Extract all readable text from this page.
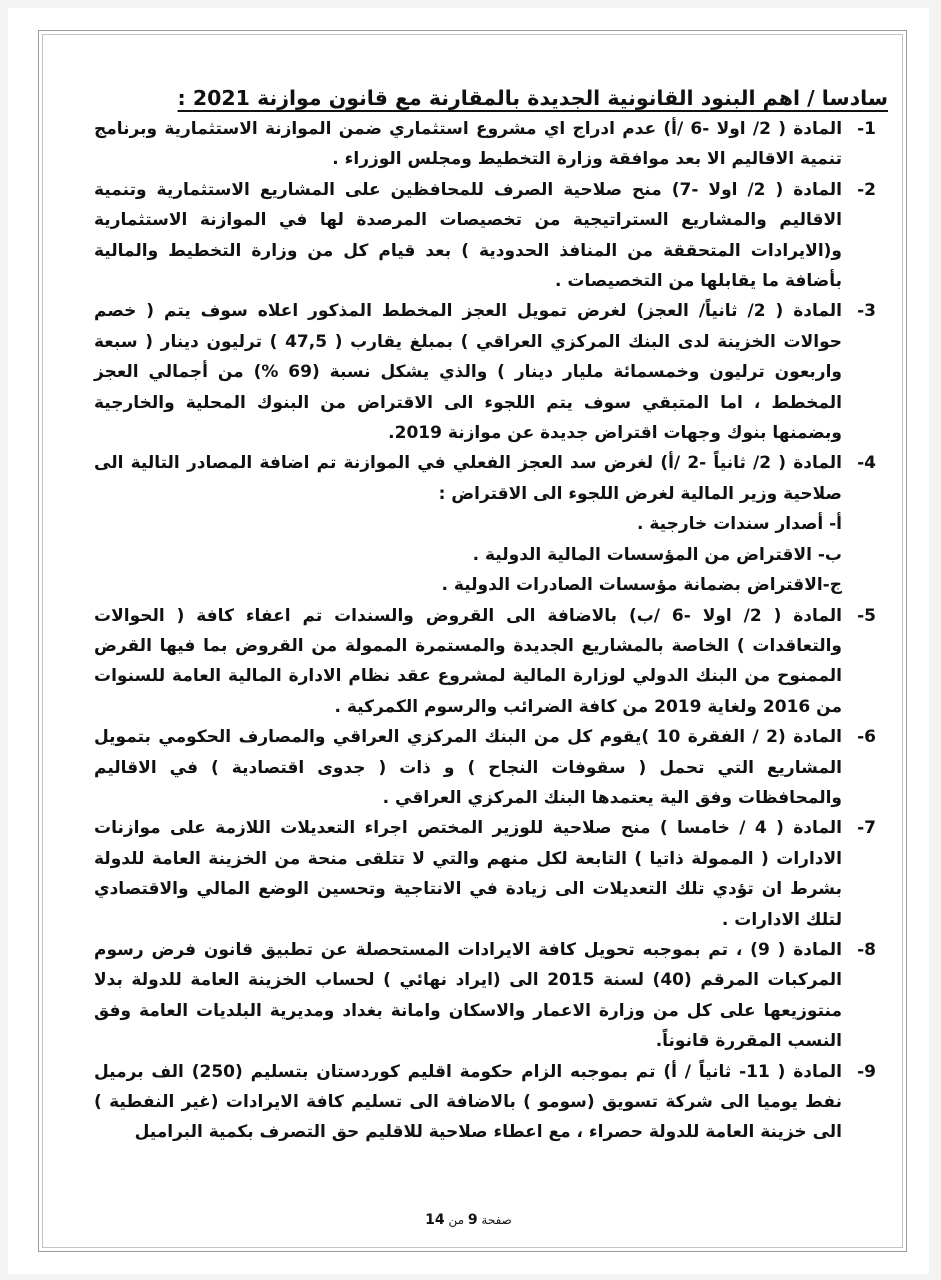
سادسا / اهم البنود القانونية الجديدة بالمقارنة مع قانون موازنة 2021 :
-1
المادة ( 2/ اولا -6 /أ) عدم ادراج اي مشروع استثماري ضمن الموازنة الاستثمارية وبرنامج تنمية الاقاليم الا بعد موافقة وزارة التخطيط ومجلس الوزراء .
-2
المادة ( 2/ اولا -7) منح صلاحية الصرف للمحافظين على المشاريع الاستثمارية وتنمية الاقاليم والمشاريع الستراتيجية من تخصيصات المرصدة لها في الموازنة الاستثمارية و(الايرادات المتحققة من المنافذ الحدودية ) بعد قيام كل من وزارة التخطيط والمالية بأضافة ما يقابلها من التخصيصات .
-3
المادة ( 2/ ثانياً/ العجز) لغرض تمويل العجز المخطط المذكور اعلاه سوف يتم ( خصم حوالات الخزينة لدى البنك المركزي العراقي ) بمبلغ يقارب ( 47,5 ) ترليون دينار ( سبعة واربعون ترليون وخمسمائة مليار دينار ) والذي يشكل نسبة (69 %) من أجمالي العجز المخطط ، اما المتبقي سوف يتم اللجوء الى الاقتراض من البنوك المحلية والخارجية وبضمنها بنوك وجهات اقتراض جديدة عن موازنة 2019.
-4
المادة ( 2/ ثانياً -2 /أ) لغرض سد العجز الفعلي في الموازنة تم اضافة المصادر التالية الى صلاحية وزير المالية لغرض اللجوء الى الاقتراض :
أ- أصدار سندات خارجية .
ب- الاقتراض من المؤسسات المالية الدولية .
ج-الاقتراض بضمانة مؤسسات الصادرات الدولية .
-5
المادة ( 2/ اولا -6 /ب) بالاضافة الى القروض والسندات تم اعفاء كافة ( الحوالات والتعاقدات ) الخاصة بالمشاريع الجديدة والمستمرة الممولة من القروض بما فيها القرض الممنوح من البنك الدولي لوزارة المالية لمشروع عقد نظام الادارة المالية العامة للسنوات من 2016 ولغاية 2019 من كافة الضرائب والرسوم الكمركية .
-6
المادة (2 / الفقرة 10 )يقوم كل من البنك المركزي العراقي والمصارف الحكومي بتمويل المشاريع التي تحمل ( سقوفات النجاح ) و ذات ( جدوى اقتصادية ) في الاقاليم والمحافظات وفق الية يعتمدها البنك المركزي العراقي .
-7
المادة ( 4 / خامسا ) منح صلاحية للوزير المختص اجراء التعديلات اللازمة على موازنات الادارات ( الممولة ذاتيا ) التابعة لكل منهم والتي لا تتلقى منحة من الخزينة العامة للدولة بشرط ان تؤدي تلك التعديلات الى زيادة في الانتاجية وتحسين الوضع المالي والاقتصادي لتلك الادارات .
-8
المادة ( 9) ، تم بموجبه تحويل كافة الايرادات المستحصلة عن تطبيق قانون فرض رسوم المركبات المرقم (40) لسنة 2015 الى (ايراد نهائي ) لحساب الخزينة العامة للدولة بدلا منتوزيعها على كل من وزارة الاعمار والاسكان وامانة بغداد ومديرية البلديات العامة وفق النسب المقررة قانوناً.
-9
المادة ( 11- ثانياً / أ) تم بموجبه الزام حكومة اقليم كوردستان بتسليم (250) الف برميل نفط يوميا الى شركة تسويق (سومو ) بالاضافة الى تسليم كافة الايرادات (غير النفطية ) الى خزينة العامة للدولة حصراء ، مع اعطاء صلاحية للاقليم حق التصرف بكمية البراميل
صفحة 9 من 14
